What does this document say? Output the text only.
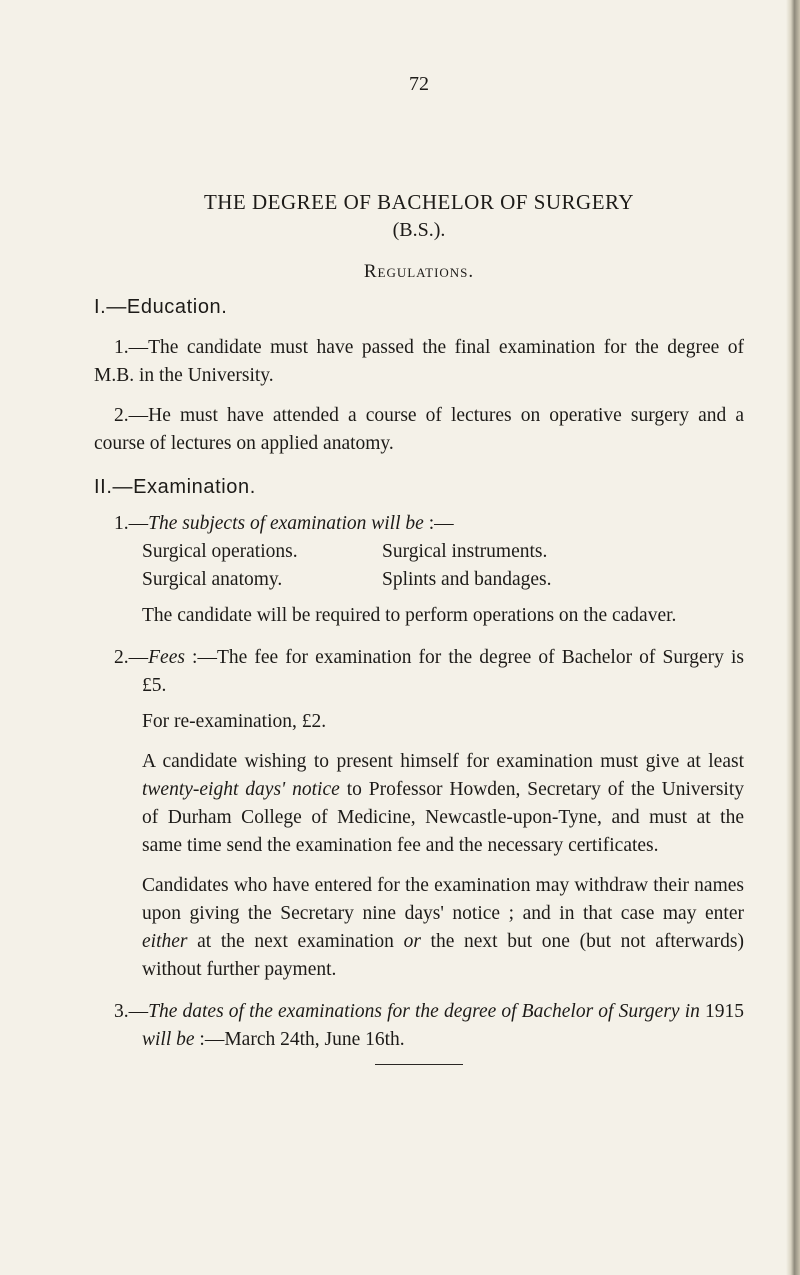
72
THE DEGREE OF BACHELOR OF SURGERY
(B.S.).
Regulations.
I.—Education.

1.—The candidate must have passed the final examination for the degree of M.B. in the University.

2.—He must have attended a course of lectures on operative surgery and a course of lectures on applied anatomy.

II.—Examination.

1.—The subjects of examination will be :—

Surgical operations.	Surgical instruments.
Surgical anatomy.	Splints and bandages.

The candidate will be required to perform operations on the cadaver.

2.—Fees :—The fee for examination for the degree of Bachelor of Surgery is £5.

For re-examination, £2.

A candidate wishing to present himself for examination must give at least twenty-eight days' notice to Professor Howden, Secretary of the University of Durham College of Medicine, Newcastle-upon-Tyne, and must at the same time send the examination fee and the necessary certificates.

Candidates who have entered for the examination may withdraw their names upon giving the Secretary nine days' notice ; and in that case may enter either at the next examination or the next but one (but not afterwards) without further payment.

3.—The dates of the examinations for the degree of Bachelor of Surgery in 1915 will be :—March 24th, June 16th.
